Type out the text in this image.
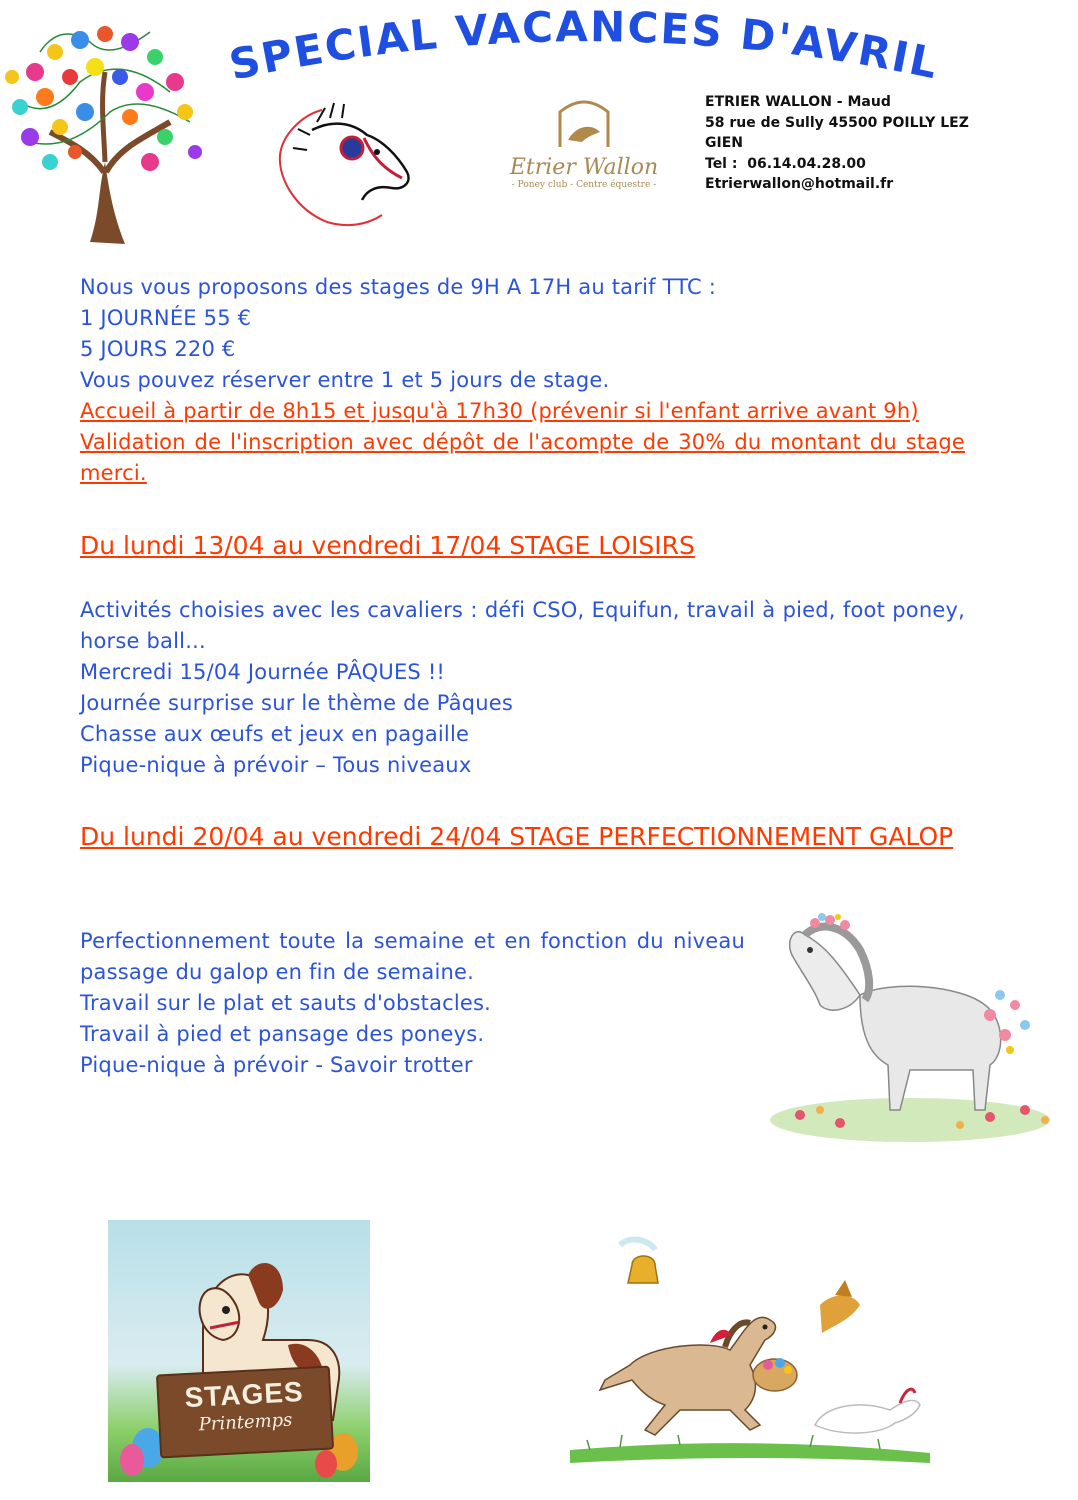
SPECIAL VACANCES D'AVRIL
Etrier Wallon
- Poney club - Centre équestre -
ETRIER WALLON - Maud
58 rue de Sully 45500 POILLY LEZ
GIEN
Tel :  06.14.04.28.00
Etrierwallon@hotmail.fr
Nous vous proposons des stages de 9H A 17H au tarif TTC :
1 JOURNÉE 55 €
5 JOURS 220 €
Vous pouvez réserver entre 1 et 5 jours de stage.
Accueil à partir de 8h15 et jusqu'à 17h30 (prévenir si l'enfant arrive avant 9h)
Validation de l'inscription avec dépôt de l'acompte de 30% du montant du stage merci.
Du lundi 13/04 au vendredi 17/04 STAGE LOISIRS
Activités choisies avec les cavaliers : défi CSO, Equifun, travail à pied, foot poney, horse ball...
Mercredi 15/04 Journée PÂQUES !!
Journée surprise sur le thème de Pâques
Chasse aux œufs et jeux en pagaille
Pique-nique à prévoir – Tous niveaux
Du lundi 20/04 au vendredi 24/04 STAGE PERFECTIONNEMENT GALOP
Perfectionnement toute la semaine et en fonction du niveau passage du galop en fin de semaine.
Travail sur le plat et sauts d'obstacles.
Travail à pied et pansage des poneys.
Pique-nique à prévoir - Savoir trotter
STAGES
Printemps
